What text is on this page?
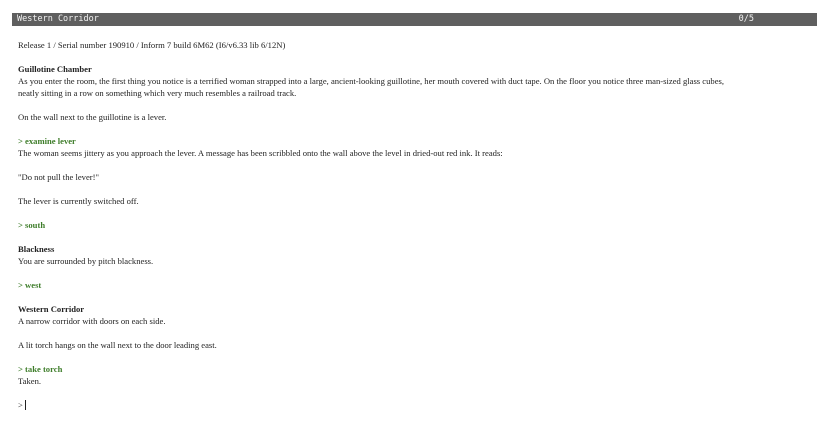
Western Corridor	0/5

Release 1 / Serial number 190910 / Inform 7 build 6M62 (I6/v6.33 lib 6/12N)

Guillotine Chamber

As you enter the room, the first thing you notice is a terrified woman strapped into a large, ancient-looking guillotine, her mouth covered with duct tape. On the floor you notice three man-sized glass cubes,

neatly sitting in a row on something which very much resembles a railroad track.

On the wall next to the guillotine is a lever.

> examine lever

The woman seems jittery as you approach the lever. A message has been scribbled onto the wall above the level in dried-out red ink. It reads:

"Do not pull the lever!"

The lever is currently switched off.

> south

Blackness

You are surrounded by pitch blackness.

> west

Western Corridor

A narrow corridor with doors on each side.

A lit torch hangs on the wall next to the door leading east.

> take torch

Taken.

>
